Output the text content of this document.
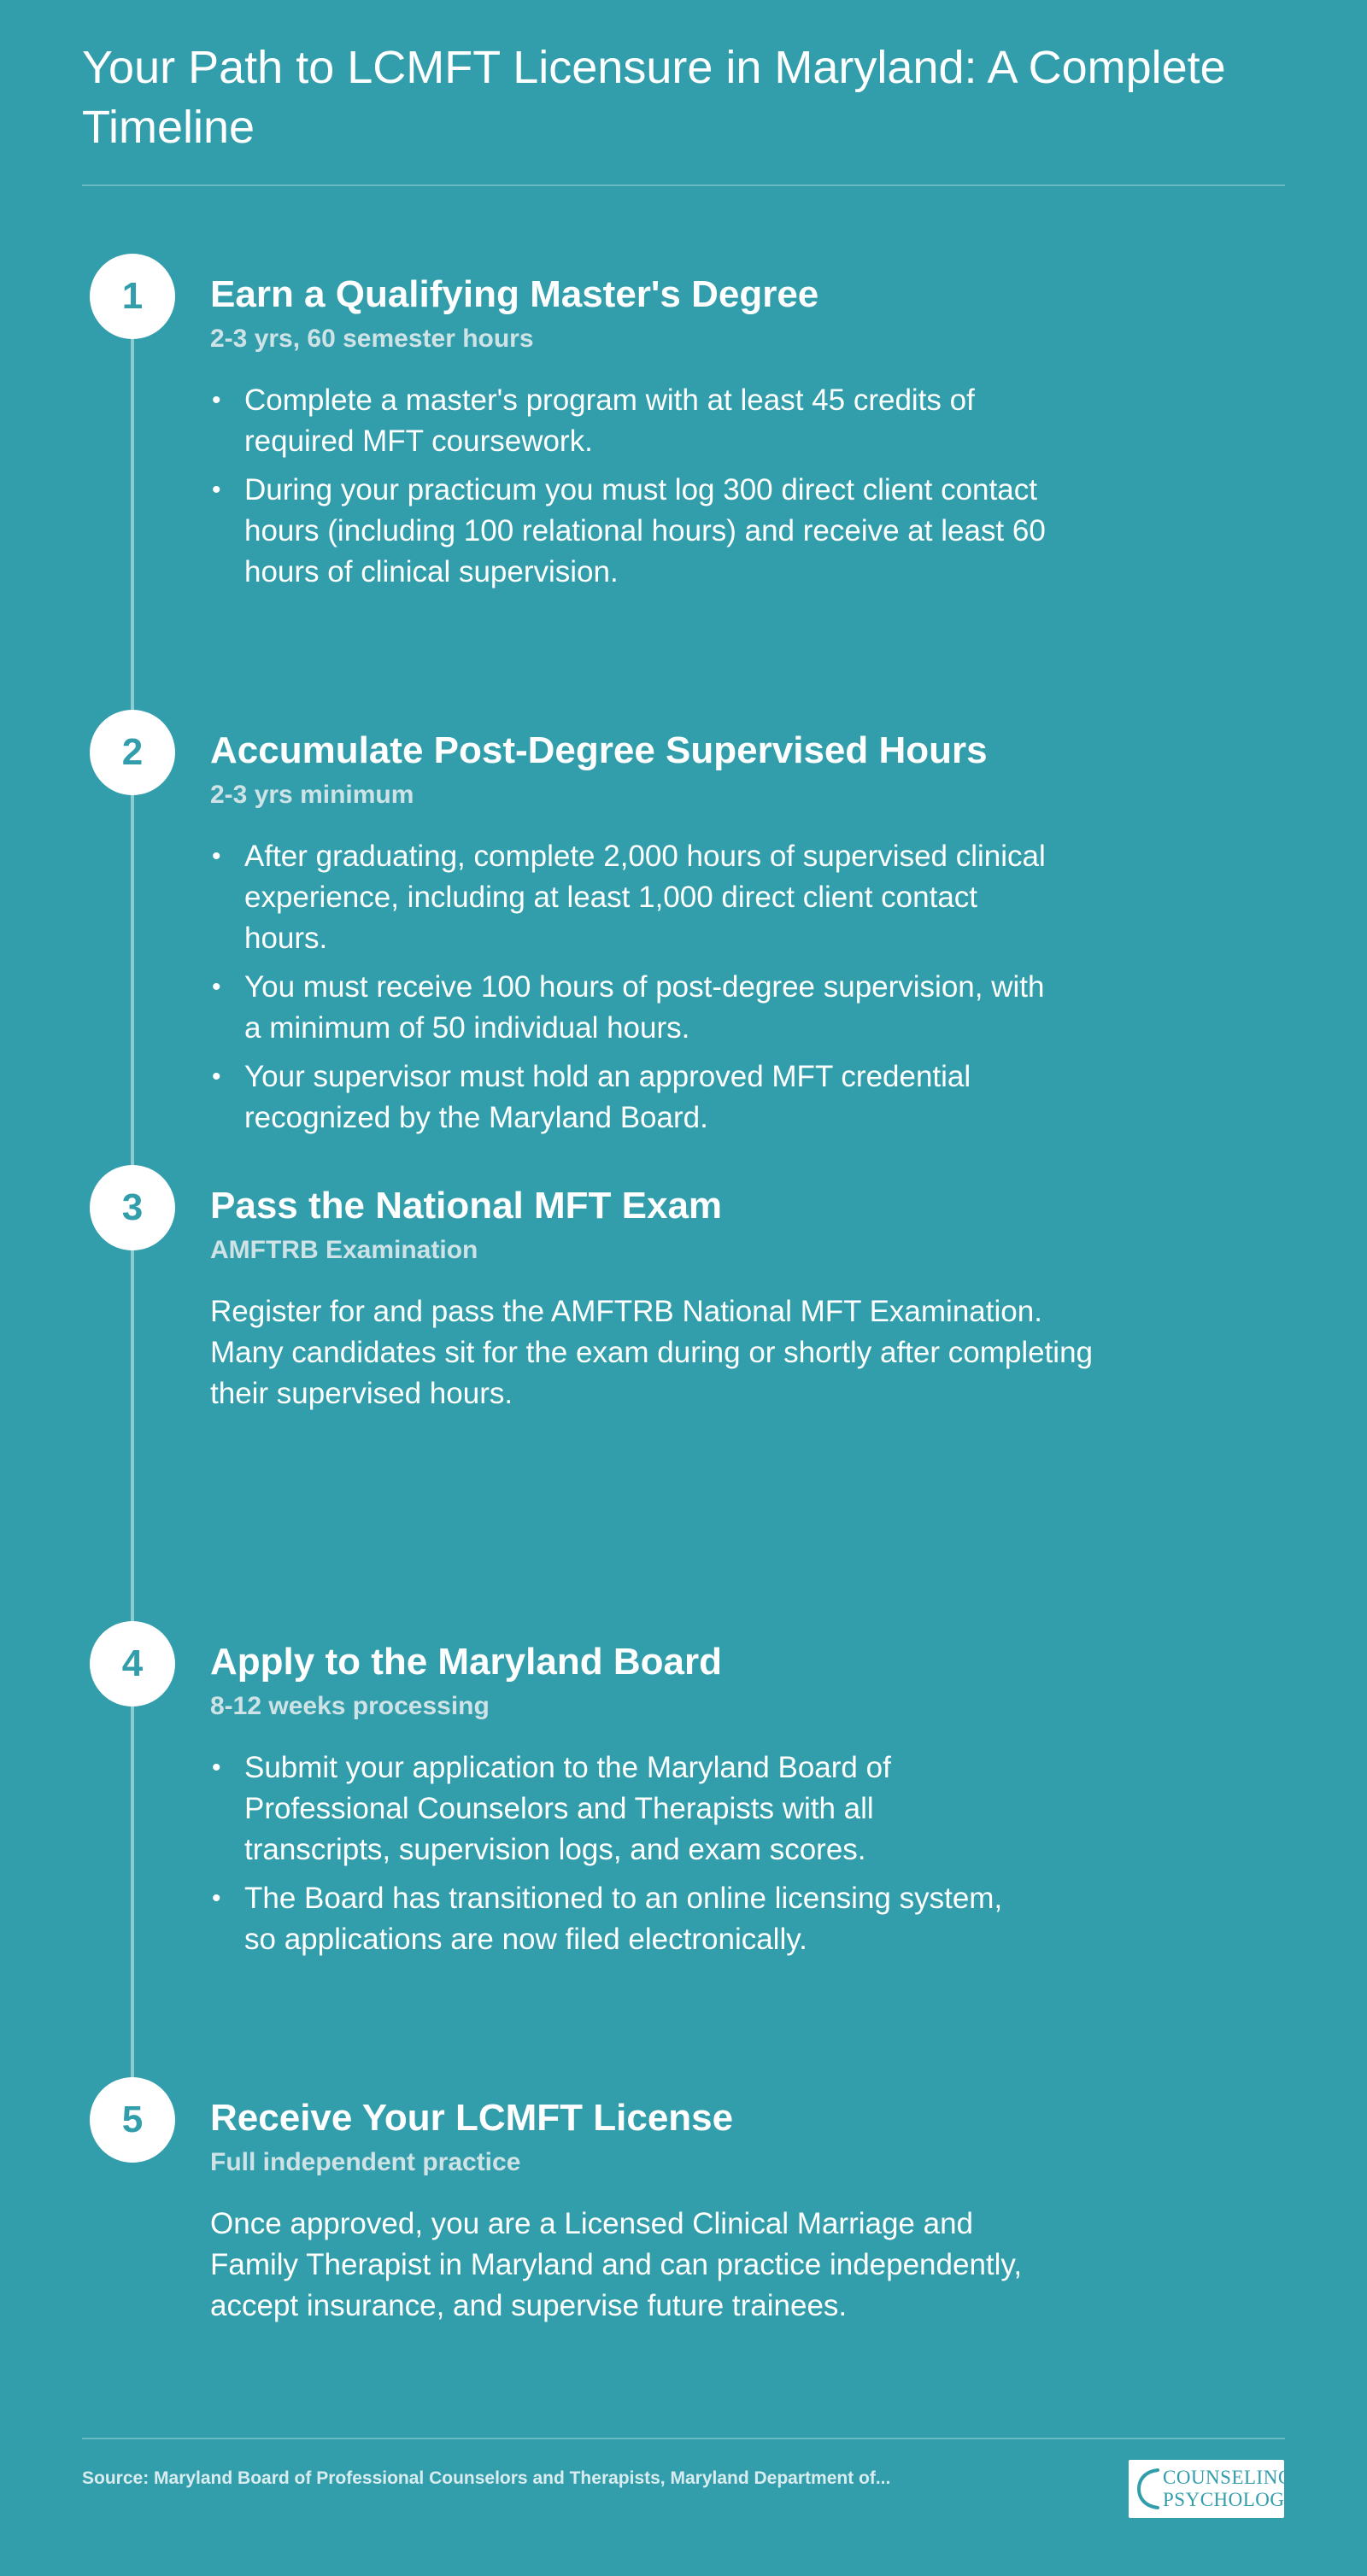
Your Path to LCMFT Licensure in Maryland: A Complete Timeline
1	Earn a Qualifying Master's Degree
2-3 yrs, 60 semester hours
• Complete a master's program with at least 45 credits of required MFT coursework.
• During your practicum you must log 300 direct client contact hours (including 100 relational hours) and receive at least 60 hours of clinical supervision.
2	Accumulate Post-Degree Supervised Hours
2-3 yrs minimum
• After graduating, complete 2,000 hours of supervised clinical experience, including at least 1,000 direct client contact hours.
• You must receive 100 hours of post-degree supervision, with a minimum of 50 individual hours.
• Your supervisor must hold an approved MFT credential recognized by the Maryland Board.
3	Pass the National MFT Exam
AMFTRB Examination

Register for and pass the AMFTRB National MFT Examination. Many candidates sit for the exam during or shortly after completing their supervised hours.

4	Apply to the Maryland Board
8-12 weeks processing
• Submit your application to the Maryland Board of Professional Counselors and Therapists with all transcripts, supervision logs, and exam scores.
• The Board has transitioned to an online licensing system, so applications are now filed electronically.
5	Receive Your LCMFT License
Full independent practice

Once approved, you are a Licensed Clinical Marriage and Family Therapist in Maryland and can practice independently, accept insurance, and supervise future trainees.

Source: Maryland Board of Professional Counselors and Therapists, Maryland Department of...	COUNSELING
PSYCHOLOGY
